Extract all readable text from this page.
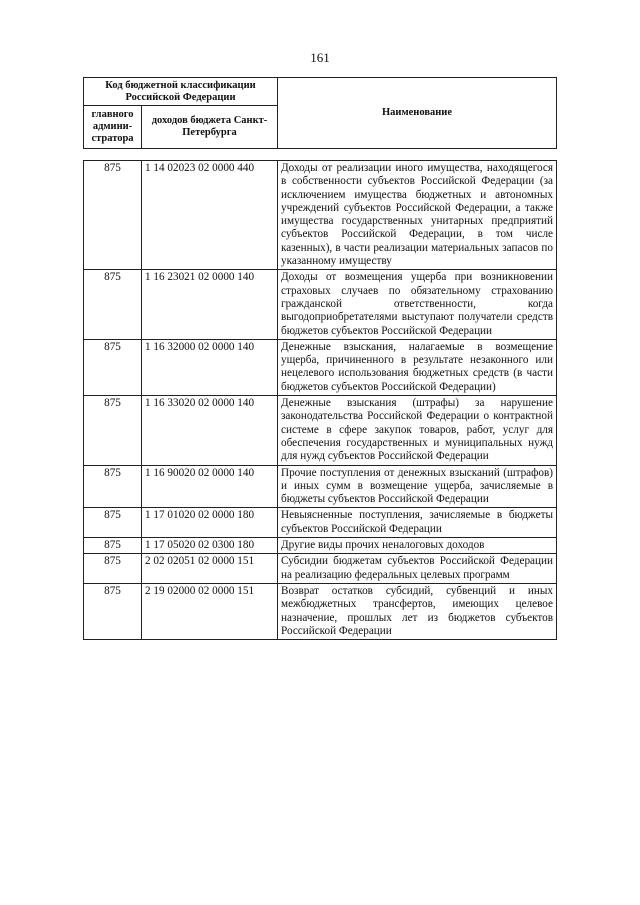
161
Код бюджетной классификации Российской Федерации		Наименование
главного админи-стратора	доходов бюджета Санкт-Петербурга	
875	1 14 02023 02 0000 440	Доходы от реализации иного имущества, находящегося в собственности субъектов Российской Федерации (за исключением имущества бюджетных и автономных учреждений субъектов Российской Федерации, а также имущества государственных унитарных предприятий субъектов Российской Федерации, в том числе казенных), в части реализации материальных запасов по указанному имуществу
875	1 16 23021 02 0000 140	Доходы от возмещения ущерба при возникновении страховых случаев по обязательному страхованию гражданской ответственности, когда выгодоприобретателями выступают получатели средств бюджетов субъектов Российской Федерации
875	1 16 32000 02 0000 140	Денежные взыскания, налагаемые в возмещение ущерба, причиненного в результате незаконного или нецелевого использования бюджетных средств (в части бюджетов субъектов Российской Федерации)
875	1 16 33020 02 0000 140	Денежные взыскания (штрафы) за нарушение законодательства Российской Федерации о контрактной системе в сфере закупок товаров, работ, услуг для обеспечения государственных и муниципальных нужд для нужд субъектов Российской Федерации
875	1 16 90020 02 0000 140	Прочие поступления от денежных взысканий (штрафов) и иных сумм в возмещение ущерба, зачисляемые в бюджеты субъектов Российской Федерации
875	1 17 01020 02 0000 180	Невыясненные поступления, зачисляемые в бюджеты субъектов Российской Федерации
875	1 17 05020 02 0300 180	Другие виды прочих неналоговых доходов
875	2 02 02051 02 0000 151	Субсидии бюджетам субъектов Российской Федерации на реализацию федеральных целевых программ
875	2 19 02000 02 0000 151	Возврат остатков субсидий, субвенций и иных межбюджетных трансфертов, имеющих целевое назначение, прошлых лет из бюджетов субъектов Российской Федерации
